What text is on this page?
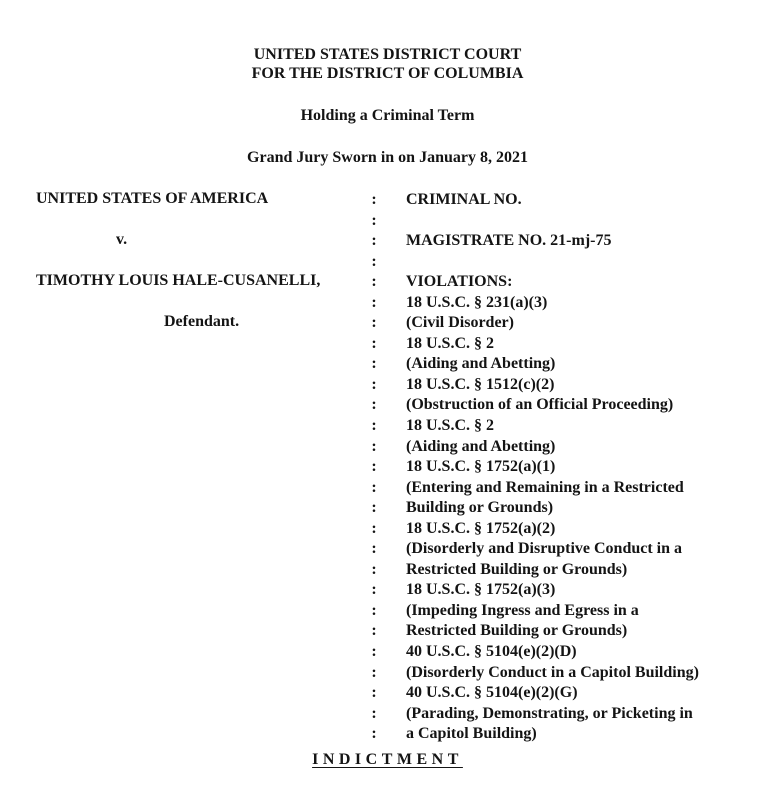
UNITED STATES DISTRICT COURT
FOR THE DISTRICT OF COLUMBIA
Holding a Criminal Term
Grand Jury Sworn in on January 8, 2021
UNITED STATES OF AMERICA
v.
TIMOTHY LOUIS HALE-CUSANELLI,
Defendant.
:
:
:
:
:
:
:
:
:
:
:
:
:
:
:
:
:
:
:
:
:
:
:
:
:
:
:
CRIMINAL NO.
MAGISTRATE NO. 21-mj-75
VIOLATIONS:
18 U.S.C. § 231(a)(3)
(Civil Disorder)
18 U.S.C. § 2
(Aiding and Abetting)
18 U.S.C. § 1512(c)(2)
(Obstruction of an Official Proceeding)
18 U.S.C. § 2
(Aiding and Abetting)
18 U.S.C. § 1752(a)(1)
(Entering and Remaining in a Restricted
Building or Grounds)
18 U.S.C. § 1752(a)(2)
(Disorderly and Disruptive Conduct in a
Restricted Building or Grounds)
18 U.S.C. § 1752(a)(3)
(Impeding Ingress and Egress in a
Restricted Building or Grounds)
40 U.S.C. § 5104(e)(2)(D)
(Disorderly Conduct in a Capitol Building)
40 U.S.C. § 5104(e)(2)(G)
(Parading, Demonstrating, or Picketing in
a Capitol Building)
INDICTMENT
